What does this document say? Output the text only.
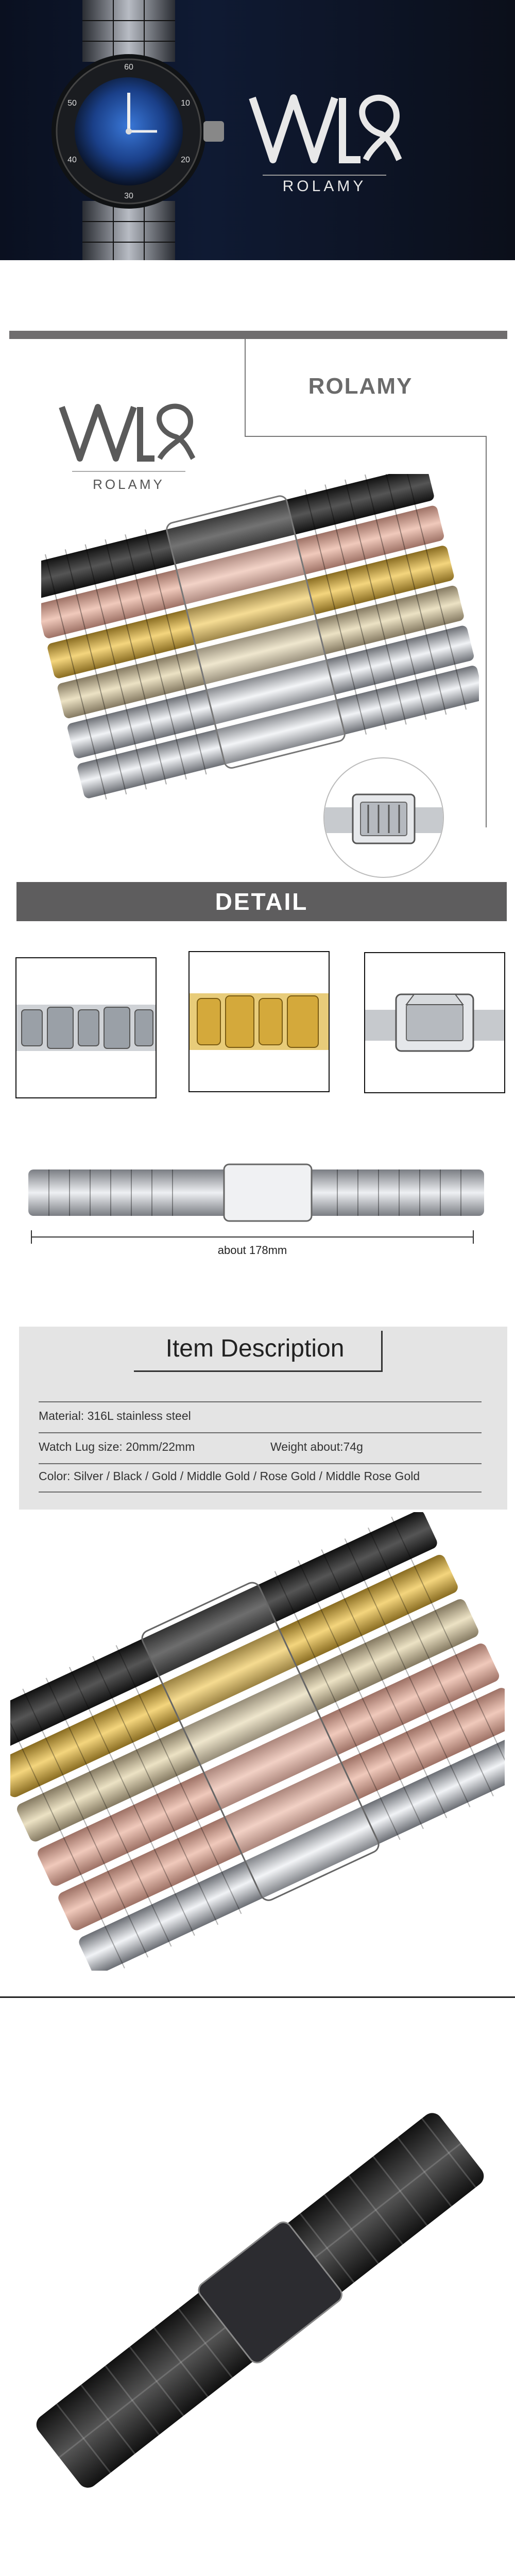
60
10
20
30
40
50
ROLAMY
ROLAMY
ROLAMY
DETAIL
about 178mm
Item Description
Material: 316L stainless steel
Watch Lug size: 20mm/22mm	Weight about:74g
Color: Silver / Black / Gold / Middle Gold / Rose Gold / Middle Rose Gold
